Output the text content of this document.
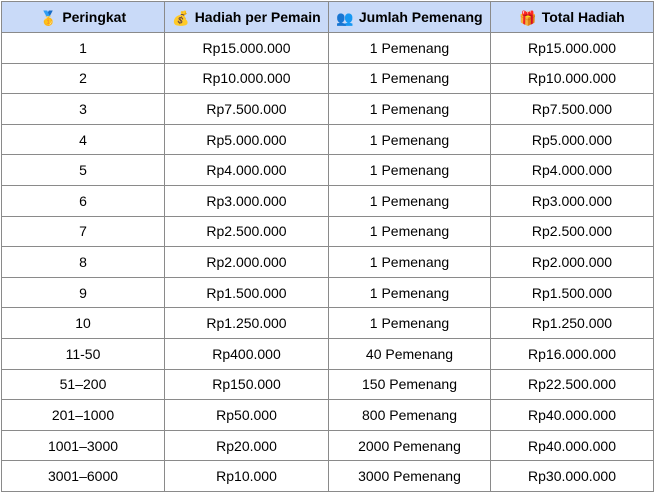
🥇 Peringkat	💰 Hadiah per Pemain	👥 Jumlah Pemenang	🎁 Total Hadiah
1	Rp15.000.000	1 Pemenang	Rp15.000.000
2	Rp10.000.000	1 Pemenang	Rp10.000.000
3	Rp7.500.000	1 Pemenang	Rp7.500.000
4	Rp5.000.000	1 Pemenang	Rp5.000.000
5	Rp4.000.000	1 Pemenang	Rp4.000.000
6	Rp3.000.000	1 Pemenang	Rp3.000.000
7	Rp2.500.000	1 Pemenang	Rp2.500.000
8	Rp2.000.000	1 Pemenang	Rp2.000.000
9	Rp1.500.000	1 Pemenang	Rp1.500.000
10	Rp1.250.000	1 Pemenang	Rp1.250.000
11-50	Rp400.000	40 Pemenang	Rp16.000.000
51–200	Rp150.000	150 Pemenang	Rp22.500.000
201–1000	Rp50.000	800 Pemenang	Rp40.000.000
1001–3000	Rp20.000	2000 Pemenang	Rp40.000.000
3001–6000	Rp10.000	3000 Pemenang	Rp30.000.000
